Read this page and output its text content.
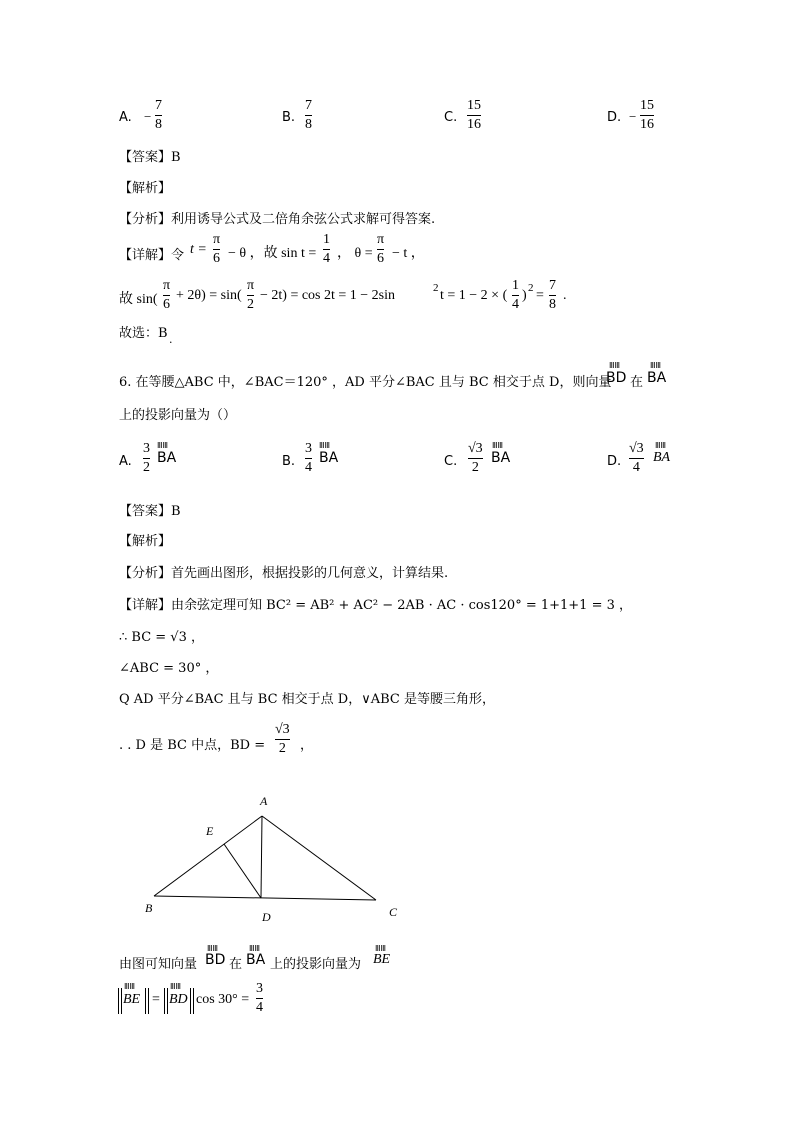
A. −
7
8	B.
7
8	C.
15
16	D. −
15
16
【答案】B
【解析】
【分析】利用诱导公式及二倍角余弦公式求解可得答案.
【详解】令 t =
π
6 − θ ，故 sin t =
1
4 ， θ =
π
6 − t ，
故 sin(
π
6
+ 2θ) = sin(
π
2
− 2t) = cos 2t = 1 − 2sin	2 t = 1 − 2 × (
1
4
) 2 =
7
8
.
故选：B .
6. 在等腰△ABC 中，∠BAC＝120° ，AD 平分∠BAC 且与 BC 相交于点 D，则向量
ⅢⅢ
BD 在
ⅢⅢ
BA
上的投影向量为（）
A.
3
2
ⅢⅢ
BA	B.
3
4
ⅢⅢ
BA	C.
√3
2
ⅢⅢ
BA	D.
√3
4
ⅢⅢ
BA
【答案】B
【解析】
【分析】首先画出图形，根据投影的几何意义，计算结果.
【详解】由余弦定理可知 BC² = AB² + AC² − 2AB · AC · cos120° = 1+1+1 = 3 ，
∴ BC = √3 ，
∠ABC = 30° ，
Q AD 平分∠BAC 且与 BC 相交于点 D，∨ABC 是等腰三角形，
. . D 是 BC 中点，BD =
√3
2 ，
A
E
B
D	C
由图可知向量
ⅢⅢ
BD 在
ⅢⅢ
BA 上的投影向量为
ⅢⅢ
BE
ⅢⅢ
BE =
ⅢⅢ
BD cos 30° =
3
4
